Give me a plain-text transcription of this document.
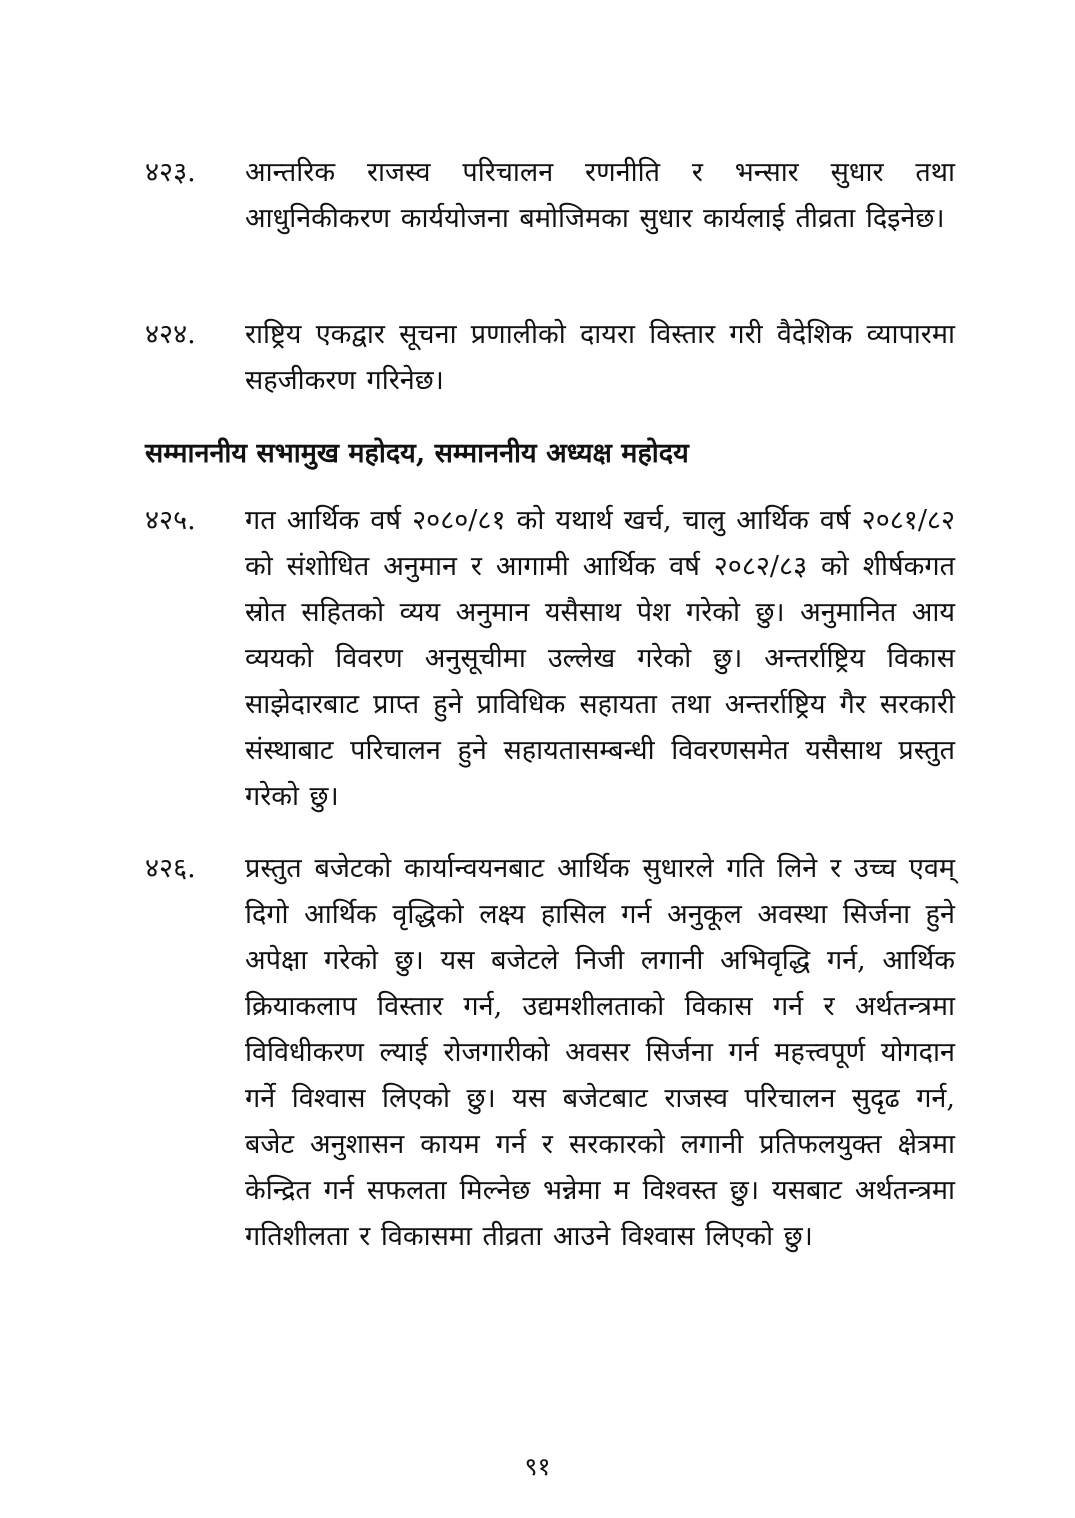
४२३.	आन्तरिक राजस्व परिचालन रणनीति र भन्सार सुधार तथा आधुनिकीकरण कार्ययोजना बमोजिमका सुधार कार्यलाई तीव्रता दिइनेछ।
४२४.	राष्ट्रिय एकद्वार सूचना प्रणालीको दायरा विस्तार गरी वैदेशिक व्यापारमा सहजीकरण गरिनेछ।
सम्माननीय सभामुख महोदय, सम्माननीय अध्यक्ष महोदय
४२५.	गत आर्थिक वर्ष २०८०/८१ को यथार्थ खर्च, चालु आर्थिक वर्ष २०८१/८२ को संशोधित अनुमान र आगामी आर्थिक वर्ष २०८२/८३ को शीर्षकगत स्रोत सहितको व्यय अनुमान यसैसाथ पेश गरेको छु। अनुमानित आय व्ययको विवरण अनुसूचीमा उल्लेख गरेको छु। अन्तर्राष्ट्रिय विकास साझेदारबाट प्राप्त हुने प्राविधिक सहायता तथा अन्तर्राष्ट्रिय गैर सरकारी संस्थाबाट परिचालन हुने सहायतासम्बन्धी विवरणसमेत यसैसाथ प्रस्तुत गरेको छु।
४२६.	प्रस्तुत बजेटको कार्यान्वयनबाट आर्थिक सुधारले गति लिने र उच्च एवम् दिगो आर्थिक वृद्धिको लक्ष्य हासिल गर्न अनुकूल अवस्था सिर्जना हुने अपेक्षा गरेको छु। यस बजेटले निजी लगानी अभिवृद्धि गर्न, आर्थिक क्रियाकलाप विस्तार गर्न, उद्यमशीलताको विकास गर्न र अर्थतन्त्रमा विविधीकरण ल्याई रोजगारीको अवसर सिर्जना गर्न महत्त्वपूर्ण योगदान गर्ने विश्वास लिएको छु। यस बजेटबाट राजस्व परिचालन सुदृढ गर्न, बजेट अनुशासन कायम गर्न र सरकारको लगानी प्रतिफलयुक्त क्षेत्रमा केन्द्रित गर्न सफलता मिल्नेछ भन्नेमा म विश्वस्त छु। यसबाट अर्थतन्त्रमा गतिशीलता र विकासमा तीव्रता आउने विश्वास लिएको छु।
९१
